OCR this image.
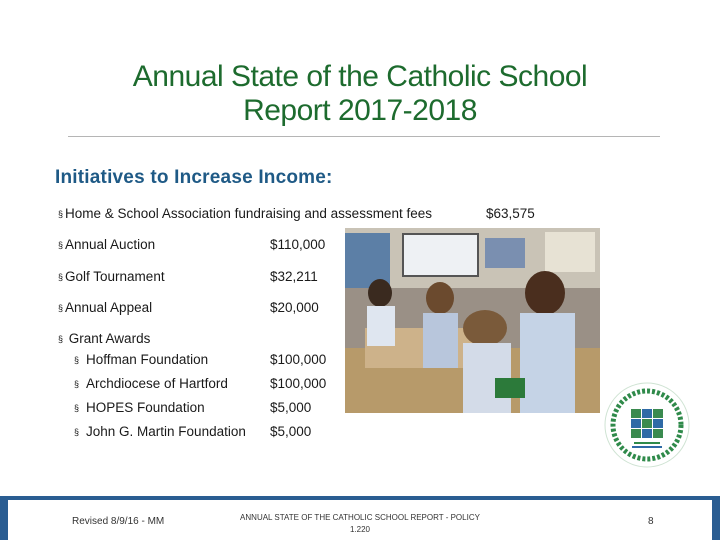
Annual State of the Catholic School
Report 2017-2018
Initiatives to Increase Income:
§ Home & School Association fundraising and assessment fees	$63,575
§ Annual Auction	$110,000
§ Golf Tournament	$32,211
§ Annual Appeal	$20,000
§ Grant Awards
§ Hoffman Foundation	$100,000
§ Archdiocese of Hartford	$100,000
§ HOPES Foundation	$5,000
§ John G. Martin Foundation $5,000
Revised 8/9/16 - MM	ANNUAL STATE OF THE CATHOLIC SCHOOL REPORT - POLICY
1.220
8
